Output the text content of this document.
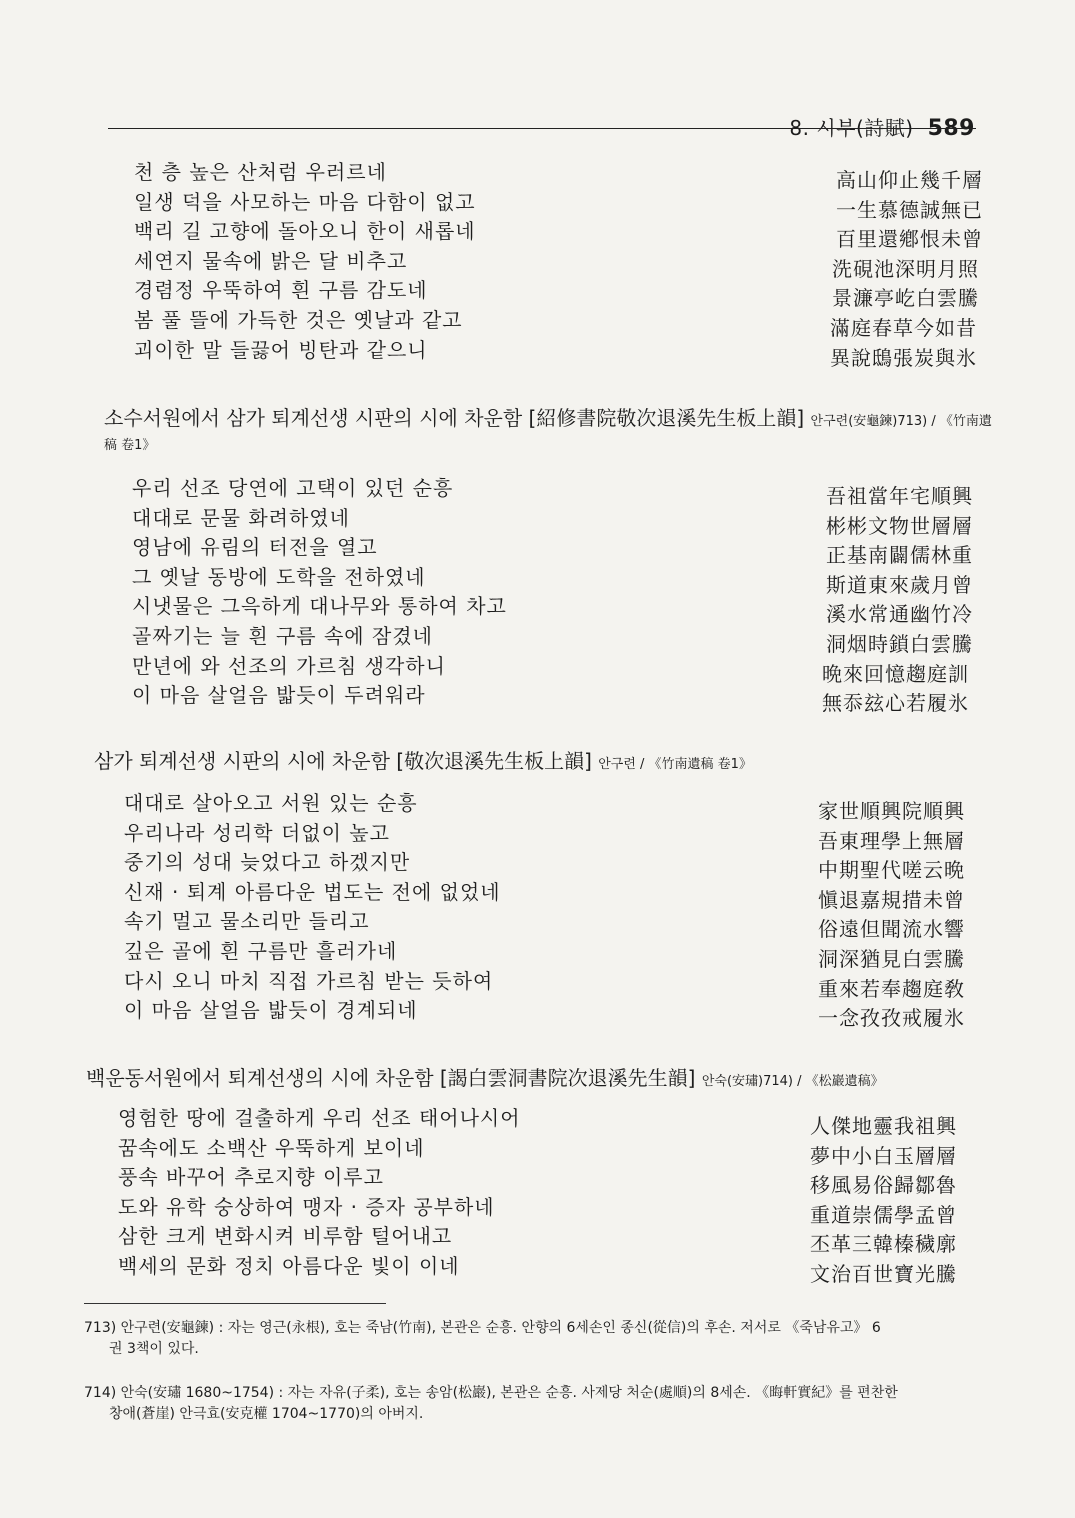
8. 시부(詩賦) 589
천 층 높은 산처럼 우러르네	高山仰止幾千層
일생 덕을 사모하는 마음 다함이 없고	一生慕德誠無已
백리 길 고향에 돌아오니 한이 새롭네	百里還鄕恨未曾
세연지 물속에 밝은 달 비추고	洗硯池深明月照
경렴정 우뚝하여 흰 구름 감도네	景濂亭屹白雲騰
봄 풀 뜰에 가득한 것은 옛날과 같고	滿庭春草今如昔
괴이한 말 들끓어 빙탄과 같으니	異說鴟張炭與氷
소수서원에서 삼가 퇴계선생 시판의 시에 차운함 [紹修書院敬次退溪先生板上韻] 안구련(安龜鍊)713) / 《竹南遺
稿 卷1》
우리 선조 당연에 고택이 있던 순흥	吾祖當年宅順興
대대로 문물 화려하였네	彬彬文物世層層
영남에 유림의 터전을 열고	正基南闢儒林重
그 옛날 동방에 도학을 전하였네	斯道東來歲月曾
시냇물은 그윽하게 대나무와 통하여 차고	溪水常通幽竹冷
골짜기는 늘 흰 구름 속에 잠겼네	洞烟時鎖白雲騰
만년에 와 선조의 가르침 생각하니	晩來回憶趨庭訓
이 마음 살얼음 밟듯이 두려워라	無忝玆心若履氷
삼가 퇴계선생 시판의 시에 차운함 [敬次退溪先生板上韻] 안구련 / 《竹南遺稿 卷1》
대대로 살아오고 서원 있는 순흥	家世順興院順興
우리나라 성리학 더없이 높고	吾東理學上無層
중기의 성대 늦었다고 하겠지만	中期聖代嗟云晩
신재 · 퇴계 아름다운 법도는 전에 없었네	愼退嘉規措未曾
속기 멀고 물소리만 들리고	俗遠但聞流水響
깊은 골에 흰 구름만 흘러가네	洞深猶見白雲騰
다시 오니 마치 직접 가르침 받는 듯하여	重來若奉趨庭敎
이 마음 살얼음 밟듯이 경계되네	一念孜孜戒履氷
백운동서원에서 퇴계선생의 시에 차운함 [謁白雲洞書院次退溪先生韻] 안숙(安璛)714) / 《松巖遺稿》
영험한 땅에 걸출하게 우리 선조 태어나시어	人傑地靈我祖興
꿈속에도 소백산 우뚝하게 보이네	夢中小白玉層層
풍속 바꾸어 추로지향 이루고	移風易俗歸鄒魯
도와 유학 숭상하여 맹자 · 증자 공부하네	重道崇儒學孟曾
삼한 크게 변화시켜 비루함 털어내고	丕革三韓榛穢廓
백세의 문화 정치 아름다운 빛이 이네	文治百世寶光騰
713) 안구련(安龜鍊) : 자는 영근(永根), 호는 죽남(竹南), 본관은 순흥. 안향의 6세손인 종신(從信)의 후손. 저서로 《죽남유고》 6
권 3책이 있다.
714) 안숙(安璛 1680~1754) : 자는 자유(子柔), 호는 송암(松巖), 본관은 순흥. 사제당 처순(處順)의 8세손. 《晦軒實紀》를 편찬한
창애(蒼崖) 안극효(安克權 1704~1770)의 아버지.
